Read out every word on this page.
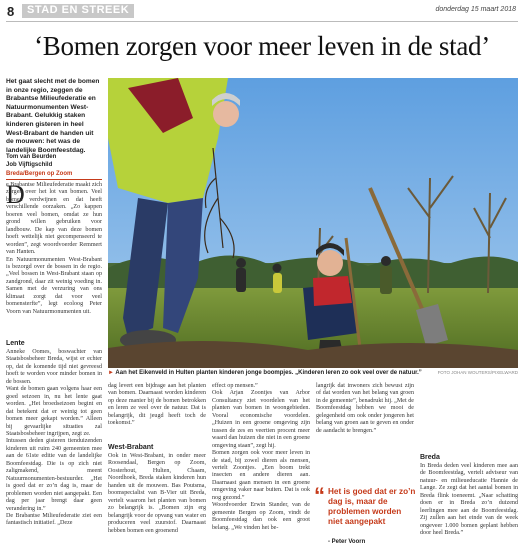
8	STAD EN STREEK	donderdag 15 maart 2018
‘Bomen zorgen voor meer leven in de stad’
Het gaat slecht met de bomen in onze regio, zeggen de Brabantse Milieufederatie en Natuurmonumenten West-Brabant. Gelukkig staken kinderen gisteren in heel West-Brabant de handen uit de mouwen: het was de landelijke Boomfeestdag.
Tom van Beurden
Job Vijftigschild
Breda/Bergen op Zoom
D

e Brabantse Milieufederatie maakt zich zorgen over het lot van bomen. Veel bomen verdwijnen en dat heeft verschillende oorzaken. „Zo kappen boeren veel bomen, omdat ze hun grond willen gebruiken voor landbouw. De kap van deze bomen hoeft wettelijk niet gecompenseerd te worden”, zegt woordvoerder Remmert van Hanten.
En Natuurmonumenten West-Brabant is bezorgd over de bossen in de regio. „Veel bossen in West-Brabant staan op zandgrond, daar zit weinig voeding in. Samen met de verzuring van ons klimaat zorgt dat voor veel bomensterfte”, legt ecoloog Peter Voorn van Natuurmonumenten uit.

Lente

Anneke Oomes, boswachter van Staatsbosbeheer Breda, wijst er echter op, dat de komende tijd niet gevreesd hoeft te worden voor minder bomen in de bossen.
Want de bomen gaan volgens haar een goed seizoen in, nu het lente gaat worden. „Het broedseizoen begint en dat betekent dat er weinig tot geen bomen meer gekapt worden.” Alleen bij gevaarlijke situaties zal Staatsbosbeheer ingrijpen, zegt ze.
Intussen deden gisteren tienduizenden kinderen uit ruim 240 gemeenten mee aan de 61ste editie van de landelijke Boomfeestdag. Die is op zich niet zaligmakend, meent Natuurmonumenten-bestuurder. „Het is goed dat er zo’n dag is, maar de problemen worden niet aangepakt. Een dag per jaar brengt daar geen verandering in.”
De Brabantse Milieufederatie ziet een fantastisch initiatief. „Deze

► Aan het Eikenveld in Hulten planten kinderen jonge boompjes. „Kinderen leren zo ook veel over de natuur.”	FOTO JOHAN WOUTERS/PIXELWARD

dag levert een bijdrage aan het planten van bomen. Daarnaast worden kinderen op deze manier bij de bomen betrokken en leren ze veel over de natuur. Dat is belangrijk, dit jeugd heeft toch de toekomst.”

West-Brabant

Ook in West-Brabant, in onder meer Roosendaal, Bergen op Zoom, Oosterhout, Hulten, Chaam, Noordhoek, Breda staken kinderen hun handen uit de mouwen. Bas Poutsma, boomspecialist van B-Vier uit Breda, vertelt waarom het planten van bomen zo belangrijk is. „Bomen zijn erg belangrijk voor de opvang van water en produceren veel zuurstof. Daarnaast hebben bomen een groenend

effect op mensen.”
Ook Arjan Zoontjes van Arbor Consultancy ziet voordelen van het planten van bomen in woongebieden. Vooral economische voordelen. „Huizen in een groene omgeving zijn tussen de zes en veertien procent meer waard dan huizen die niet in een groene omgeving staan”, zegt hij.
Bomen zorgen ook voor meer leven in de stad, bij zowel dieren als mensen, vertelt Zoontjes. „Een boom trekt insecten en andere dieren aan. Daarnaast gaan mensen in een groene omgeving vaker naar buiten. Dat is ook nog gezond.”
Woordvoerder Erwin Stander, van de gemeente Bergen op Zoom, vindt de Boomfeestdag dan ook een groot belang. „We vinden het be-

langrijk dat inwoners zich bewust zijn of dat worden van het belang van groen in de gemeente”, benadrukt hij. „Met de Boomfeestdag hebben we mooi de gelegenheid om ook onder jongeren het belang van groen aan te geven en onder de aandacht te brengen.”

Breda

In Breda deden veel kinderen mee aan de Boomfeestdag, vertelt adviseur van natuur- en milieueducatie Hannie de Lange. Ze zegt dat het aantal bomen in Breda flink toeneemt. „Naar schatting doen er in Breda zo’n duizend leerlingen mee aan de Boomfeestdag. Zij zullen aan het einde van de week ongeveer 1.000 bomen geplant hebben door heel Breda.”

“ Het is goed dat er zo’n dag is, maar de problemen worden niet aangepakt
- Peter Voorn
